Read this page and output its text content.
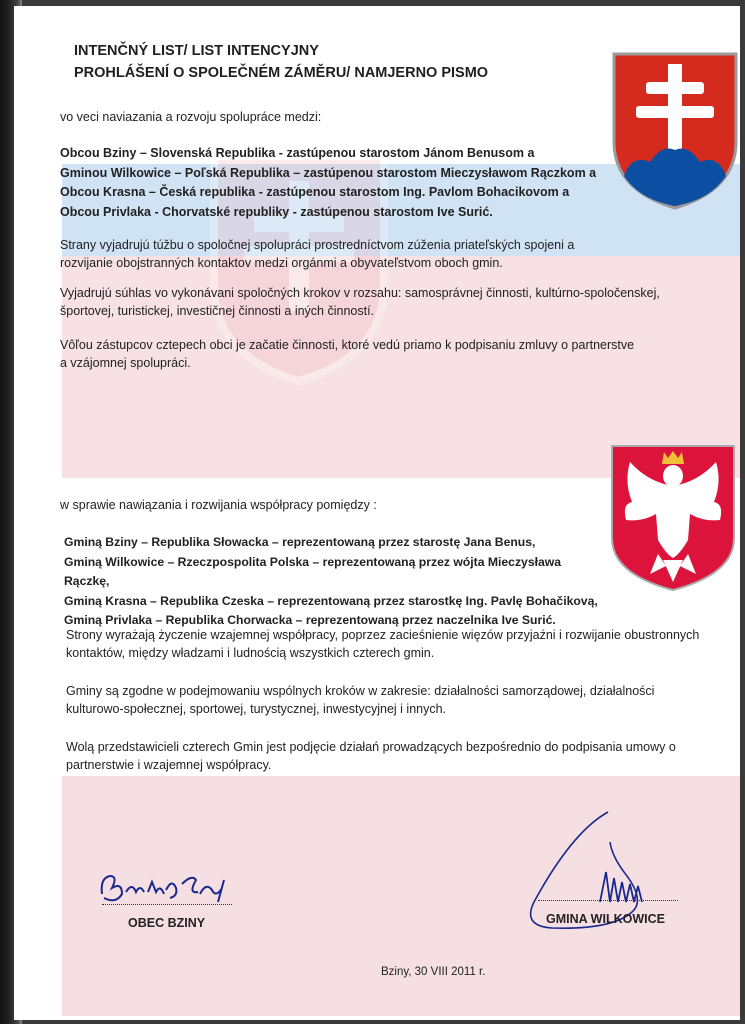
INTENČNÝ LIST/ LIST INTENCYJNY
PROHLÁŠENÍ O SPOLEČNÉM ZÁMĚRU/ NAMJERNO PISMO
vo veci naviazania a rozvoju spolupráce medzi:
Obcou Bziny – Slovenská Republika - zastúpenou starostom Jánom Benusom a
Gminou Wilkowice – Poľská Republika – zastúpenou starostom Mieczysławom Rączkom a
Obcou Krasna – Česká republika - zastúpenou starostom Ing. Pavlom Bohacikovom a
Obcou Privlaka - Chorvatské republiky - zastúpenou starostom Ive Surić.
Strany vyjadrujú túžbu o spoločnej spolupráci prostredníctvom zúženia priateľských spojeni a rozvijanie obojstranných kontaktov medzi orgánmi a obyvateľstvom oboch gmin.
Vyjadrujú súhlas vo vykonávani spoločných krokov v rozsahu: samosprávnej činnosti, kultúrno-spoločenskej, športovej, turistickej, investičnej činnosti a iných činností.
Vôľou zástupcov cztерech obci je začatie činnosti, ktoré vedú priamo k podpisaniu zmluvy o partnerstve a vzájomnej spolupráci.
w sprawie nawiązania i rozwijania współpracy pomiędzy :
Gminą Bziny – Republika Słowacka – reprezentowaną przez starostę Jana Benus,
Gminą Wilkowice – Rzeczpospolita Polska – reprezentowaną przez wójta Mieczysława Rączkę,
Gminą Krasna – Republika Czeska – reprezentowaną przez starostkę Ing. Pavlę Bohačikovą,
Gminą Privlaka – Republika Chorwacka – reprezentowaną przez naczelnika Ive Surić.
Strony wyrażają życzenie wzajemnej współpracy, poprzez zacieśnienie więzów przyjaźni i rozwijanie obustronnych kontaktów, między władzami i ludnością wszystkich czterech gmin.
Gminy są zgodne w podejmowaniu wspólnych kroków w zakresie: działalności samorządowej, działalności kulturowo-społecznej, sportowej, turystycznej, inwestycyjnej i innych.
Wolą przedstawicieli czterech Gmin jest podjęcie działań prowadzących bezpośrednio do podpisania umowy o partnerstwie i wzajemnej współpracy.
OBEC BZINY	GMINA WILKOWICE
Bziny, 30 VIII 2011 r.
